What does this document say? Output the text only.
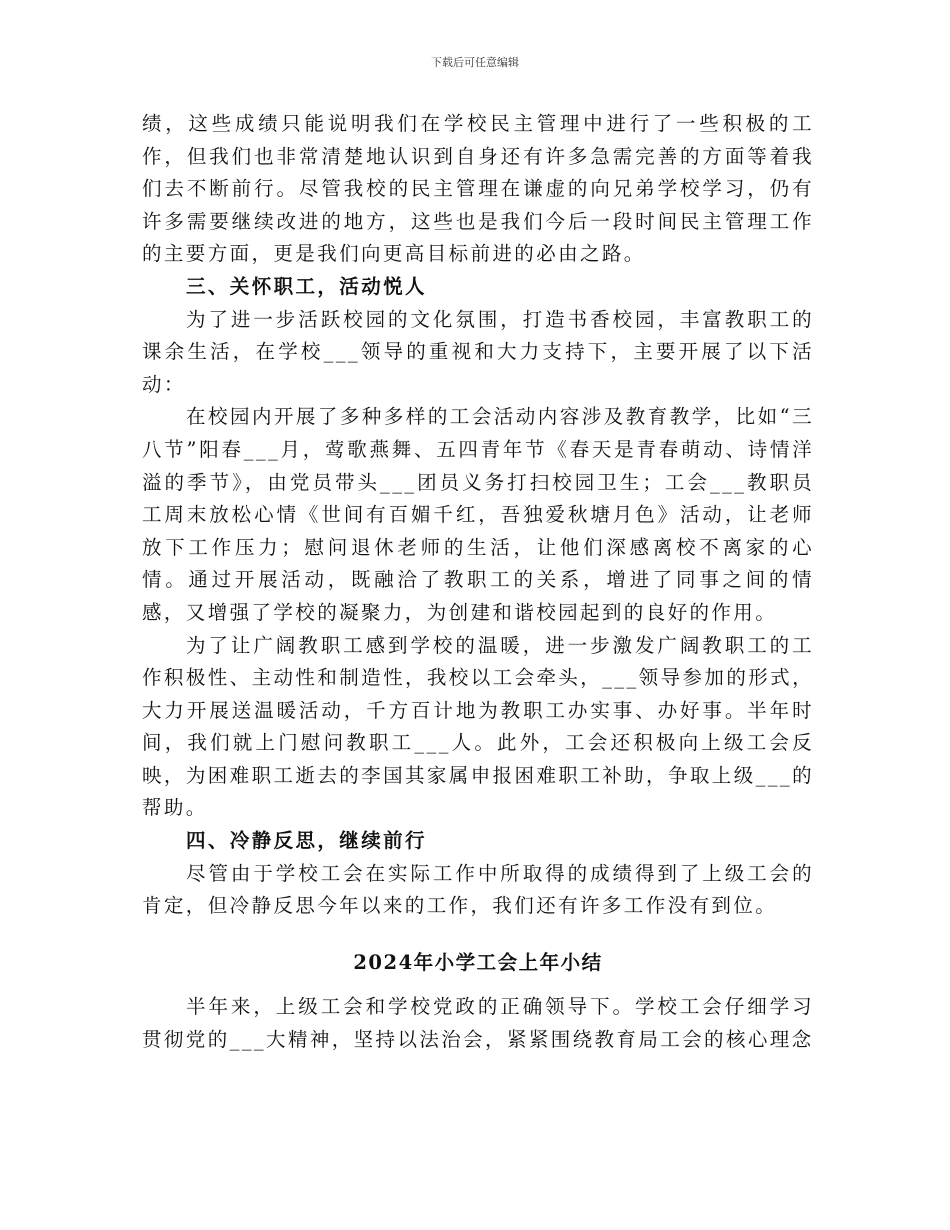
下载后可任意编辑

绩，这些成绩只能说明我们在学校民主管理中进行了一些积极的工作，但我们也非常清楚地认识到自身还有许多急需完善的方面等着我们去不断前行。尽管我校的民主管理在谦虚的向兄弟学校学习，仍有许多需要继续改进的地方，这些也是我们今后一段时间民主管理工作的主要方面，更是我们向更高目标前进的必由之路。

三、关怀职工，活动悦人

为了进一步活跃校园的文化氛围，打造书香校园，丰富教职工的课余生活，在学校___领导的重视和大力支持下，主要开展了以下活动：

在校园内开展了多种多样的工会活动内容涉及教育教学，比如“三八节”阳春___月，莺歌燕舞、五四青年节《春天是青春萌动、诗情洋溢的季节》，由党员带头___团员义务打扫校园卫生；工会___教职员工周末放松心情《世间有百媚千红，吾独爱秋塘月色》活动，让老师放下工作压力；慰问退休老师的生活，让他们深感离校不离家的心情。通过开展活动，既融洽了教职工的关系，增进了同事之间的情感，又增强了学校的凝聚力，为创建和谐校园起到的良好的作用。

为了让广阔教职工感到学校的温暖，进一步激发广阔教职工的工作积极性、主动性和制造性，我校以工会牵头，___领导参加的形式，大力开展送温暖活动，千方百计地为教职工办实事、办好事。半年时间，我们就上门慰问教职工___人。此外，工会还积极向上级工会反映，为困难职工逝去的李国其家属申报困难职工补助，争取上级___的帮助。

四、冷静反思，继续前行

尽管由于学校工会在实际工作中所取得的成绩得到了上级工会的肯定，但冷静反思今年以来的工作，我们还有许多工作没有到位。

2024年小学工会上年小结

半年来，上级工会和学校党政的正确领导下。学校工会仔细学习贯彻党的___大精神，坚持以法治会，紧紧围绕教育局工会的核心理念
